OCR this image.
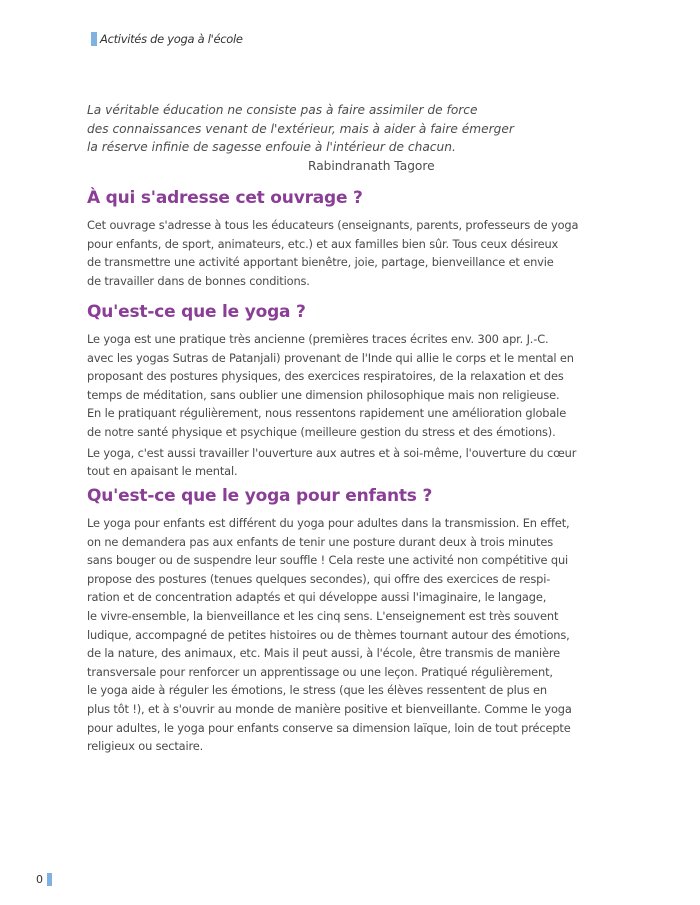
Activités de yoga à l'école
La véritable éducation ne consiste pas à faire assimiler de force
des connaissances venant de l'extérieur, mais à aider à faire émerger
la réserve infinie de sagesse enfouie à l'intérieur de chacun.
Rabindranath Tagore
À qui s'adresse cet ouvrage ?
Cet ouvrage s'adresse à tous les éducateurs (enseignants, parents, professeurs de yoga
pour enfants, de sport, animateurs, etc.) et aux familles bien sûr. Tous ceux désireux
de transmettre une activité apportant bienêtre, joie, partage, bienveillance et envie
de travailler dans de bonnes conditions.
Qu'est-ce que le yoga ?
Le yoga est une pratique très ancienne (premières traces écrites env. 300 apr. J.-C.
avec les yogas Sutras de Patanjali) provenant de l'Inde qui allie le corps et le mental en
proposant des postures physiques, des exercices respiratoires, de la relaxation et des
temps de méditation, sans oublier une dimension philosophique mais non religieuse.
En le pratiquant régulièrement, nous ressentons rapidement une amélioration globale
de notre santé physique et psychique (meilleure gestion du stress et des émotions).
Le yoga, c'est aussi travailler l'ouverture aux autres et à soi-même, l'ouverture du cœur
tout en apaisant le mental.
Qu'est-ce que le yoga pour enfants ?
Le yoga pour enfants est différent du yoga pour adultes dans la transmission. En effet,
on ne demandera pas aux enfants de tenir une posture durant deux à trois minutes
sans bouger ou de suspendre leur souffle ! Cela reste une activité non compétitive qui
propose des postures (tenues quelques secondes), qui offre des exercices de respi-
ration et de concentration adaptés et qui développe aussi l'imaginaire, le langage,
le vivre-ensemble, la bienveillance et les cinq sens. L'enseignement est très souvent
ludique, accompagné de petites histoires ou de thèmes tournant autour des émotions,
de la nature, des animaux, etc. Mais il peut aussi, à l'école, être transmis de manière
transversale pour renforcer un apprentissage ou une leçon. Pratiqué régulièrement,
le yoga aide à réguler les émotions, le stress (que les élèves ressentent de plus en
plus tôt !), et à s'ouvrir au monde de manière positive et bienveillante. Comme le yoga
pour adultes, le yoga pour enfants conserve sa dimension laïque, loin de tout précepte
religieux ou sectaire.
0
